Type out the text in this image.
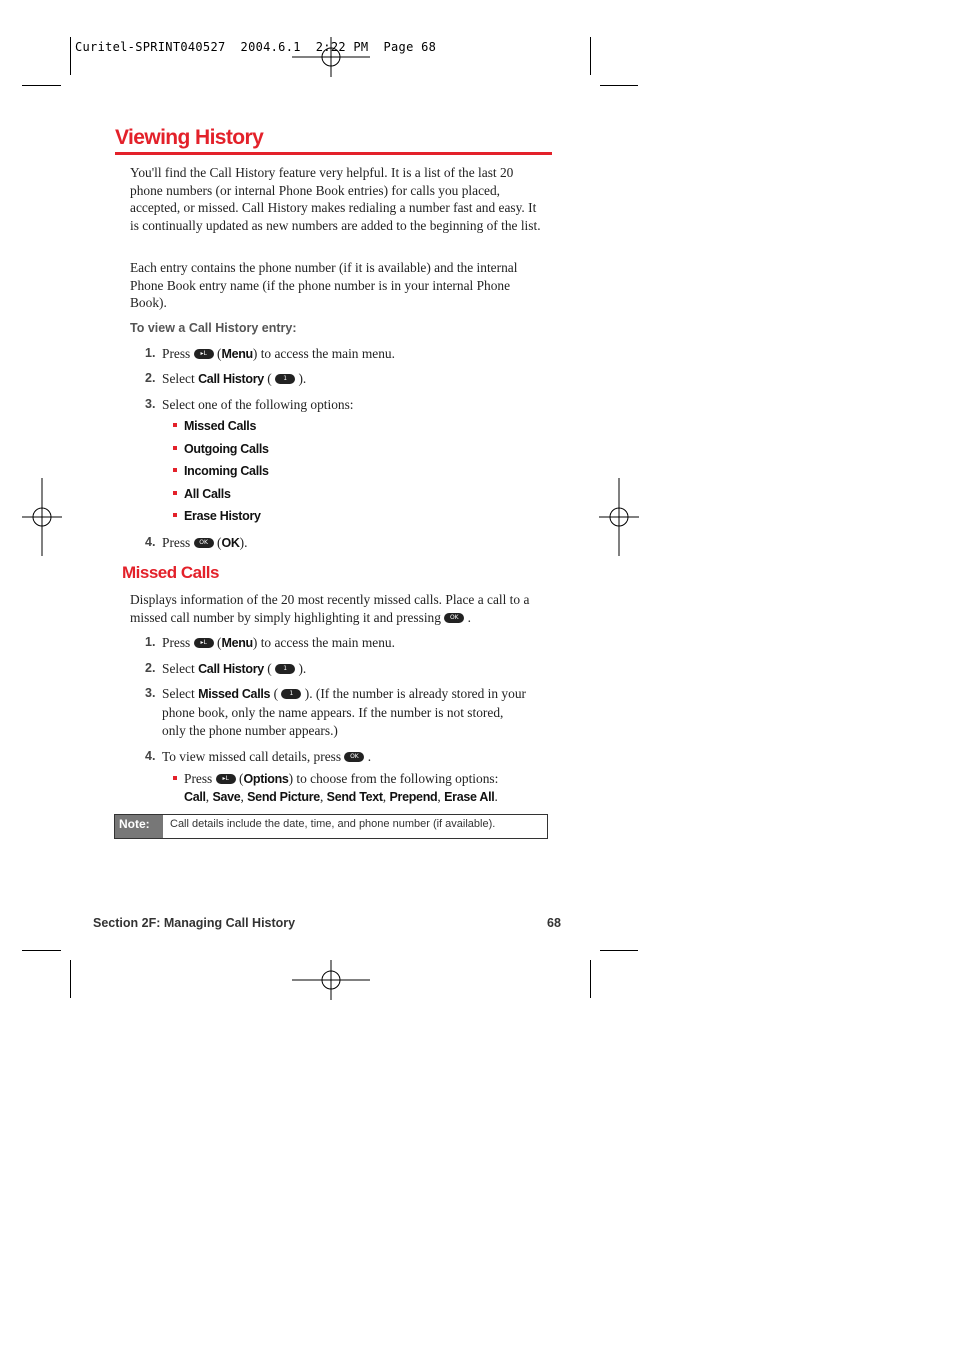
Curitel-SPRINT040527  2004.6.1  2:22 PM  Page 68
Viewing History
You'll find the Call History feature very helpful. It is a list of the last 20 phone numbers (or internal Phone Book entries) for calls you placed, accepted, or missed. Call History makes redialing a number fast and easy. It is continually updated as new numbers are added to the beginning of the list.
Each entry contains the phone number (if it is available) and the internal Phone Book entry name (if the phone number is in your internal Phone Book).
To view a Call History entry:
1. Press ▸L (Menu) to access the main menu.
2. Select Call History ( 1 ).
3. Select one of the following options:
Missed Calls
Outgoing Calls
Incoming Calls
All Calls
Erase History
4. Press OK (OK).
Missed Calls
Displays information of the 20 most recently missed calls. Place a call to a missed call number by simply highlighting it and pressing OK .
1. Press ▸L (Menu) to access the main menu.
2. Select Call History ( 1 ).
3. Select Missed Calls ( 1 ). (If the number is already stored in your
phone book, only the name appears. If the number is not stored,
only the phone number appears.)
4. To view missed call details, press OK .
Press ▸L (Options) to choose from the following options:
Call, Save, Send Picture, Send Text, Prepend, Erase All.
Note:	Call details include the date, time, and phone number (if available).
Section 2F: Managing Call History	68
